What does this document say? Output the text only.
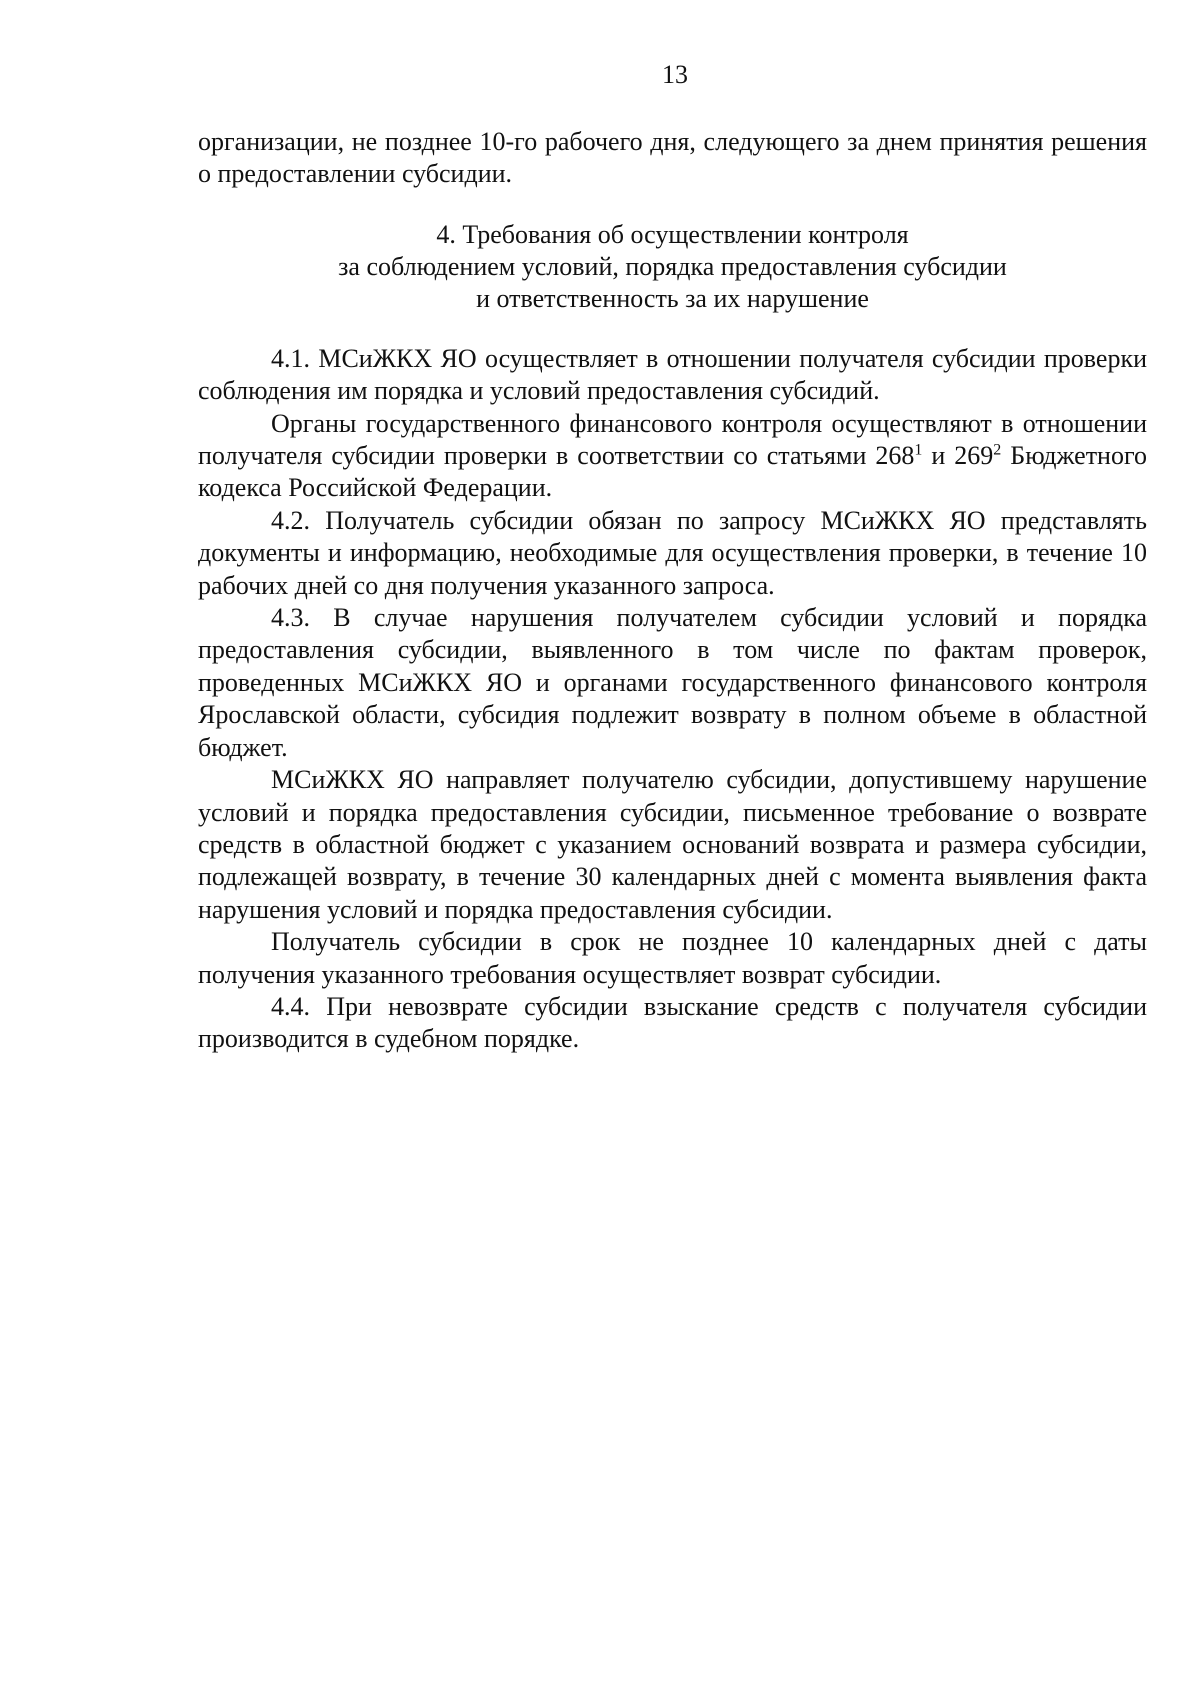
13

организации, не позднее 10-го рабочего дня, следующего за днем принятия решения о предоставлении субсидии.

4. Требования об осуществлении контроля
за соблюдением условий, порядка предоставления субсидии
и ответственность за их нарушение

4.1. МСиЖКХ ЯО осуществляет в отношении получателя субсидии проверки соблюдения им порядка и условий предоставления субсидий.

Органы государственного финансового контроля осуществляют в отношении получателя субсидии проверки в соответствии со статьями $268^1$ и $269^2$ Бюджетного кодекса Российской Федерации.

4.2. Получатель субсидии обязан по запросу МСиЖКХ ЯО представлять документы и информацию, необходимые для осуществления проверки, в течение 10 рабочих дней со дня получения указанного запроса.

4.3. В случае нарушения получателем субсидии условий и порядка предоставления субсидии, выявленного в том числе по фактам проверок, проведенных МСиЖКХ ЯО и органами государственного финансового контроля Ярославской области, субсидия подлежит возврату в полном объеме в областной бюджет.

МСиЖКХ ЯО направляет получателю субсидии, допустившему нарушение условий и порядка предоставления субсидии, письменное требование о возврате средств в областной бюджет с указанием оснований возврата и размера субсидии, подлежащей возврату, в течение 30 календарных дней с момента выявления факта нарушения условий и порядка предоставления субсидии.

Получатель субсидии в срок не позднее 10 календарных дней с даты получения указанного требования осуществляет возврат субсидии.

4.4. При невозврате субсидии взыскание средств с получателя субсидии производится в судебном порядке.
